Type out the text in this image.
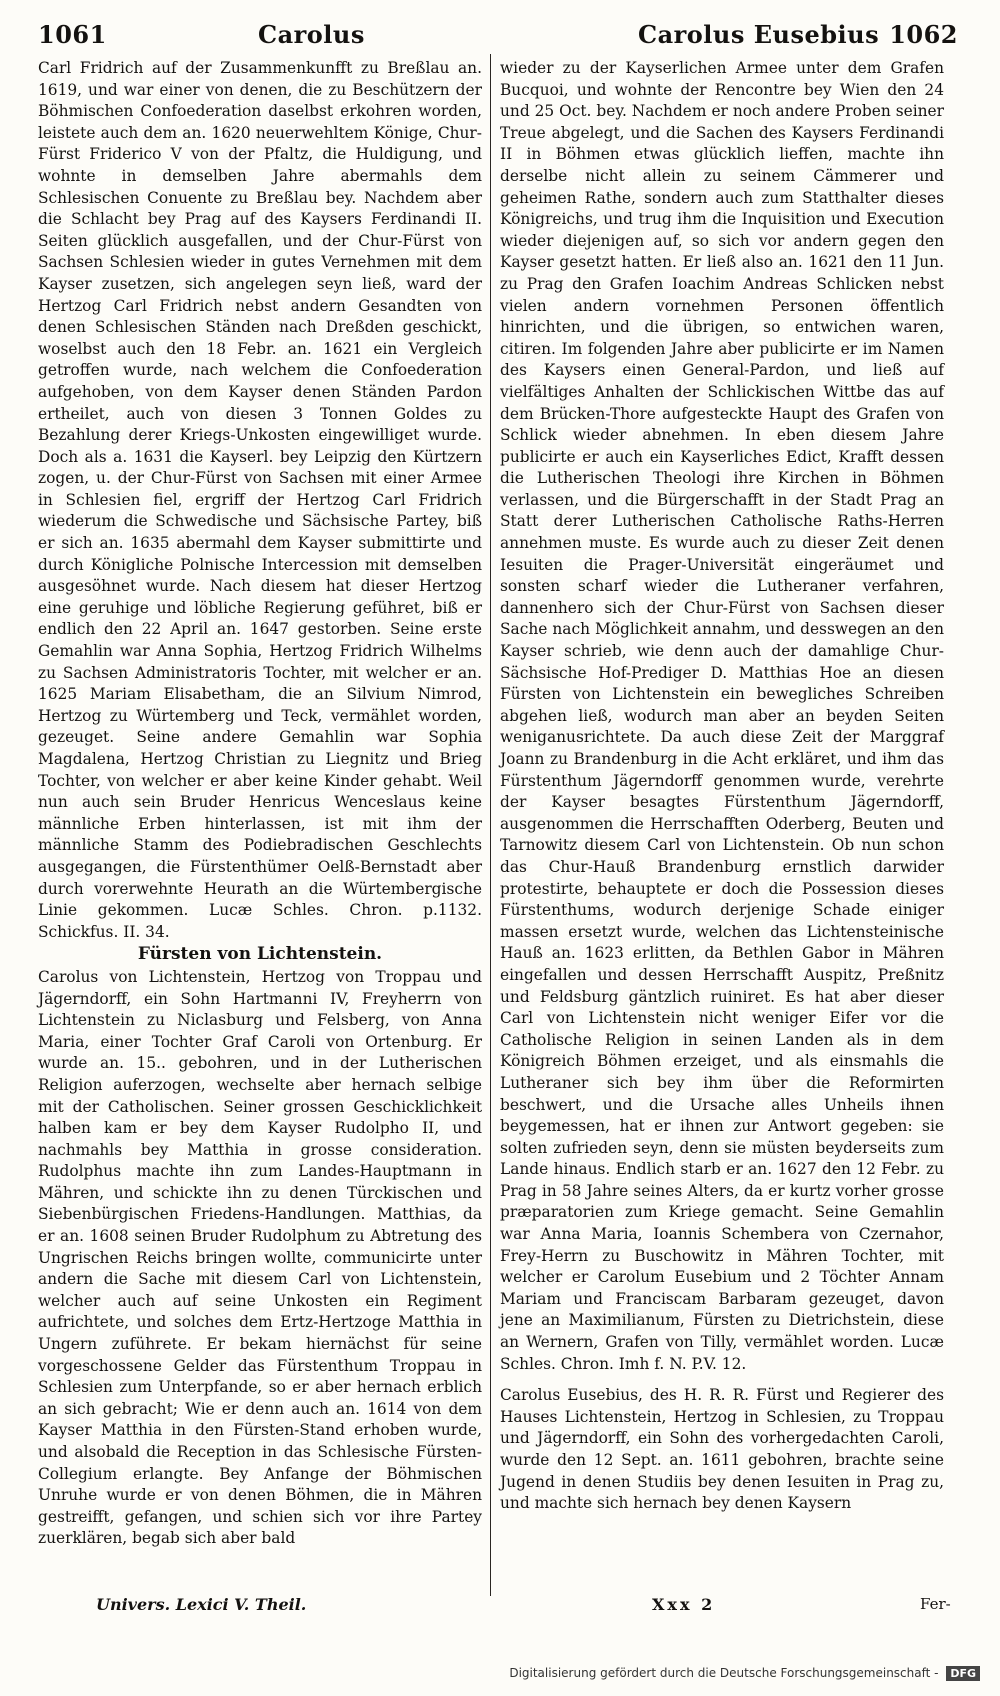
1061	Carolus	Carolus Eusebius 1062

Carl Fridrich auf der Zusammenkunfft zu Breßlau an. 1619, und war einer von denen, die zu Beschützern der Böhmischen Confoederation daselbst erkohren worden, leistete auch dem an. 1620 neuerwehltem Könige, Chur-Fürst Friderico V von der Pfaltz, die Huldigung, und wohnte in demselben Jahre abermahls dem Schlesischen Conuente zu Breßlau bey. Nachdem aber die Schlacht bey Prag auf des Kaysers Ferdinandi II. Seiten glücklich ausgefallen, und der Chur-Fürst von Sachsen Schlesien wieder in gutes Vernehmen mit dem Kayser zusetzen, sich angelegen seyn ließ, ward der Hertzog Carl Fridrich nebst andern Gesandten von denen Schlesischen Ständen nach Dreßden geschickt, woselbst auch den 18 Febr. an. 1621 ein Vergleich getroffen wurde, nach welchem die Confoederation aufgehoben, von dem Kayser denen Ständen Pardon ertheilet, auch von diesen 3 Tonnen Goldes zu Bezahlung derer Kriegs-Unkosten eingewilliget wurde. Doch als a. 1631 die Kayserl. bey Leipzig den Kürtzern zogen, u. der Chur-Fürst von Sachsen mit einer Armee in Schlesien fiel, ergriff der Hertzog Carl Fridrich wiederum die Schwedische und Sächsische Partey, biß er sich an. 1635 abermahl dem Kayser submittirte und durch Königliche Polnische Intercession mit demselben ausgesöhnet wurde. Nach diesem hat dieser Hertzog eine geruhige und löbliche Regierung geführet, biß er endlich den 22 April an. 1647 gestorben. Seine erste Gemahlin war Anna Sophia, Hertzog Fridrich Wilhelms zu Sachsen Administratoris Tochter, mit welcher er an. 1625 Mariam Elisabetham, die an Silvium Nimrod, Hertzog zu Würtemberg und Teck, vermählet worden, gezeuget. Seine andere Gemahlin war Sophia Magdalena, Hertzog Christian zu Liegnitz und Brieg Tochter, von welcher er aber keine Kinder gehabt. Weil nun auch sein Bruder Henricus Wenceslaus keine männliche Erben hinterlassen, ist mit ihm der männliche Stamm des Podiebradischen Geschlechts ausgegangen, die Fürstenthümer Oelß-Bernstadt aber durch vorerwehnte Heurath an die Würtembergische Linie gekommen. Lucæ Schles. Chron. p.1132. Schickfus. II. 34.

Fürsten von Lichtenstein.

Carolus von Lichtenstein, Hertzog von Troppau und Jägerndorff, ein Sohn Hartmanni IV, Freyherrn von Lichtenstein zu Niclasburg und Felsberg, von Anna Maria, einer Tochter Graf Caroli von Ortenburg. Er wurde an. 15.. gebohren, und in der Lutherischen Religion auferzogen, wechselte aber hernach selbige mit der Catholischen. Seiner grossen Geschicklichkeit halben kam er bey dem Kayser Rudolpho II, und nachmahls bey Matthia in grosse consideration. Rudolphus machte ihn zum Landes-Hauptmann in Mähren, und schickte ihn zu denen Türckischen und Siebenbürgischen Friedens-Handlungen. Matthias, da er an. 1608 seinen Bruder Rudolphum zu Abtretung des Ungrischen Reichs bringen wollte, communicirte unter andern die Sache mit diesem Carl von Lichtenstein, welcher auch auf seine Unkosten ein Regiment aufrichtete, und solches dem Ertz-Hertzoge Matthia in Ungern zuführete. Er bekam hiernächst für seine vorgeschossene Gelder das Fürstenthum Troppau in Schlesien zum Unterpfande, so er aber hernach erblich an sich gebracht; Wie er denn auch an. 1614 von dem Kayser Matthia in den Fürsten-Stand erhoben wurde, und alsobald die Reception in das Schlesische Fürsten-Collegium erlangte. Bey Anfange der Böhmischen Unruhe wurde er von denen Böhmen, die in Mähren gestreifft, gefangen, und schien sich vor ihre Partey zuerklären, begab sich aber bald

wieder zu der Kayserlichen Armee unter dem Grafen Bucquoi, und wohnte der Rencontre bey Wien den 24 und 25 Oct. bey. Nachdem er noch andere Proben seiner Treue abgelegt, und die Sachen des Kaysers Ferdinandi II in Böhmen etwas glücklich lieffen, machte ihn derselbe nicht allein zu seinem Cämmerer und geheimen Rathe, sondern auch zum Statthalter dieses Königreichs, und trug ihm die Inquisition und Execution wieder diejenigen auf, so sich vor andern gegen den Kayser gesetzt hatten. Er ließ also an. 1621 den 11 Jun. zu Prag den Grafen Ioachim Andreas Schlicken nebst vielen andern vornehmen Personen öffentlich hinrichten, und die übrigen, so entwichen waren, citiren. Im folgenden Jahre aber publicirte er im Namen des Kaysers einen General-Pardon, und ließ auf vielfältiges Anhalten der Schlickischen Wittbe das auf dem Brücken-Thore aufgesteckte Haupt des Grafen von Schlick wieder abnehmen. In eben diesem Jahre publicirte er auch ein Kayserliches Edict, Krafft dessen die Lutherischen Theologi ihre Kirchen in Böhmen verlassen, und die Bürgerschafft in der Stadt Prag an Statt derer Lutherischen Catholische Raths-Herren annehmen muste. Es wurde auch zu dieser Zeit denen Iesuiten die Prager-Universität eingeräumet und sonsten scharf wieder die Lutheraner verfahren, dannenhero sich der Chur-Fürst von Sachsen dieser Sache nach Möglichkeit annahm, und desswegen an den Kayser schrieb, wie denn auch der damahlige Chur-Sächsische Hof-Prediger D. Matthias Hoe an diesen Fürsten von Lichtenstein ein bewegliches Schreiben abgehen ließ, wodurch man aber an beyden Seiten weniganusrichtete. Da auch diese Zeit der Marggraf Joann zu Brandenburg in die Acht erkläret, und ihm das Fürstenthum Jägerndorff genommen wurde, verehrte der Kayser besagtes Fürstenthum Jägerndorff, ausgenommen die Herrschafften Oderberg, Beuten und Tarnowitz diesem Carl von Lichtenstein. Ob nun schon das Chur-Hauß Brandenburg ernstlich darwider protestirte, behauptete er doch die Possession dieses Fürstenthums, wodurch derjenige Schade einiger massen ersetzt wurde, welchen das Lichtensteinische Hauß an. 1623 erlitten, da Bethlen Gabor in Mähren eingefallen und dessen Herrschafft Auspitz, Preßnitz und Feldsburg gäntzlich ruiniret. Es hat aber dieser Carl von Lichtenstein nicht weniger Eifer vor die Catholische Religion in seinen Landen als in dem Königreich Böhmen erzeiget, und als einsmahls die Lutheraner sich bey ihm über die Reformirten beschwert, und die Ursache alles Unheils ihnen beygemessen, hat er ihnen zur Antwort gegeben: sie solten zufrieden seyn, denn sie müsten beyderseits zum Lande hinaus. Endlich starb er an. 1627 den 12 Febr. zu Prag in 58 Jahre seines Alters, da er kurtz vorher grosse præparatorien zum Kriege gemacht. Seine Gemahlin war Anna Maria, Ioannis Schembera von Czernahor, Frey-Herrn zu Buschowitz in Mähren Tochter, mit welcher er Carolum Eusebium und 2 Töchter Annam Mariam und Franciscam Barbaram gezeuget, davon jene an Maximilianum, Fürsten zu Dietrichstein, diese an Wernern, Grafen von Tilly, vermählet worden. Lucæ Schles. Chron. Imh f. N. P.V. 12.

Carolus Eusebius, des H. R. R. Fürst und Regierer des Hauses Lichtenstein, Hertzog in Schlesien, zu Troppau und Jägerndorff, ein Sohn des vorhergedachten Caroli, wurde den 12 Sept. an. 1611 gebohren, brachte seine Jugend in denen Studiis bey denen Iesuiten in Prag zu, und machte sich hernach bey denen Kaysern

Univers. Lexici V. Theil.	Xxx 2	Fer-
Digitalisierung gefördert durch die Deutsche Forschungsgemeinschaft - DFG
